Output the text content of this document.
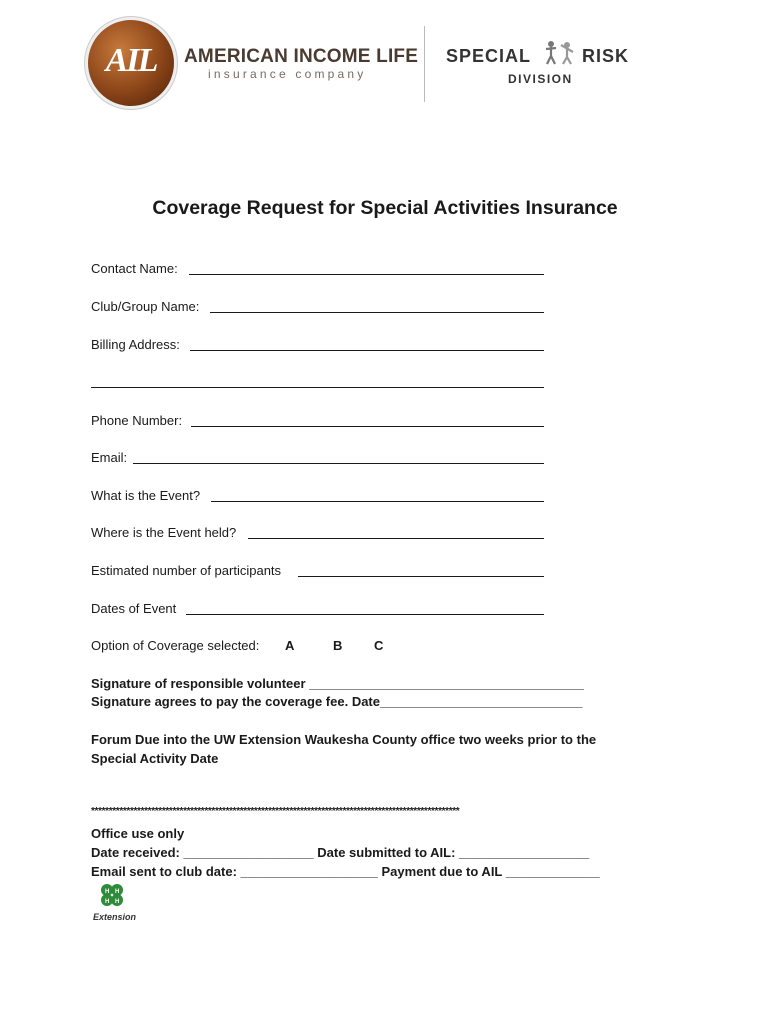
AIL	AMERICAN INCOME LIFE
insurance company
SPECIAL	RISK
DIVISION
Coverage Request for Special Activities Insurance
Contact Name:
Club/Group Name:
Billing Address:
Phone Number:
Email:
What is the Event?
Where is the Event held?
Estimated number of participants
Dates of Event
Option of Coverage selected: A	B C
Signature of responsible volunteer ______________________________________
Signature agrees to pay the coverage fee. Date____________________________
Forum Due into the UW Extension Waukesha County office two weeks prior to the
Special Activity Date
********************************************************************************************************
Office use only
Date received: __________________ Date submitted to AIL: __________________
Email sent to club date: ___________________ Payment due to AIL _____________
H H
H H
Extension
